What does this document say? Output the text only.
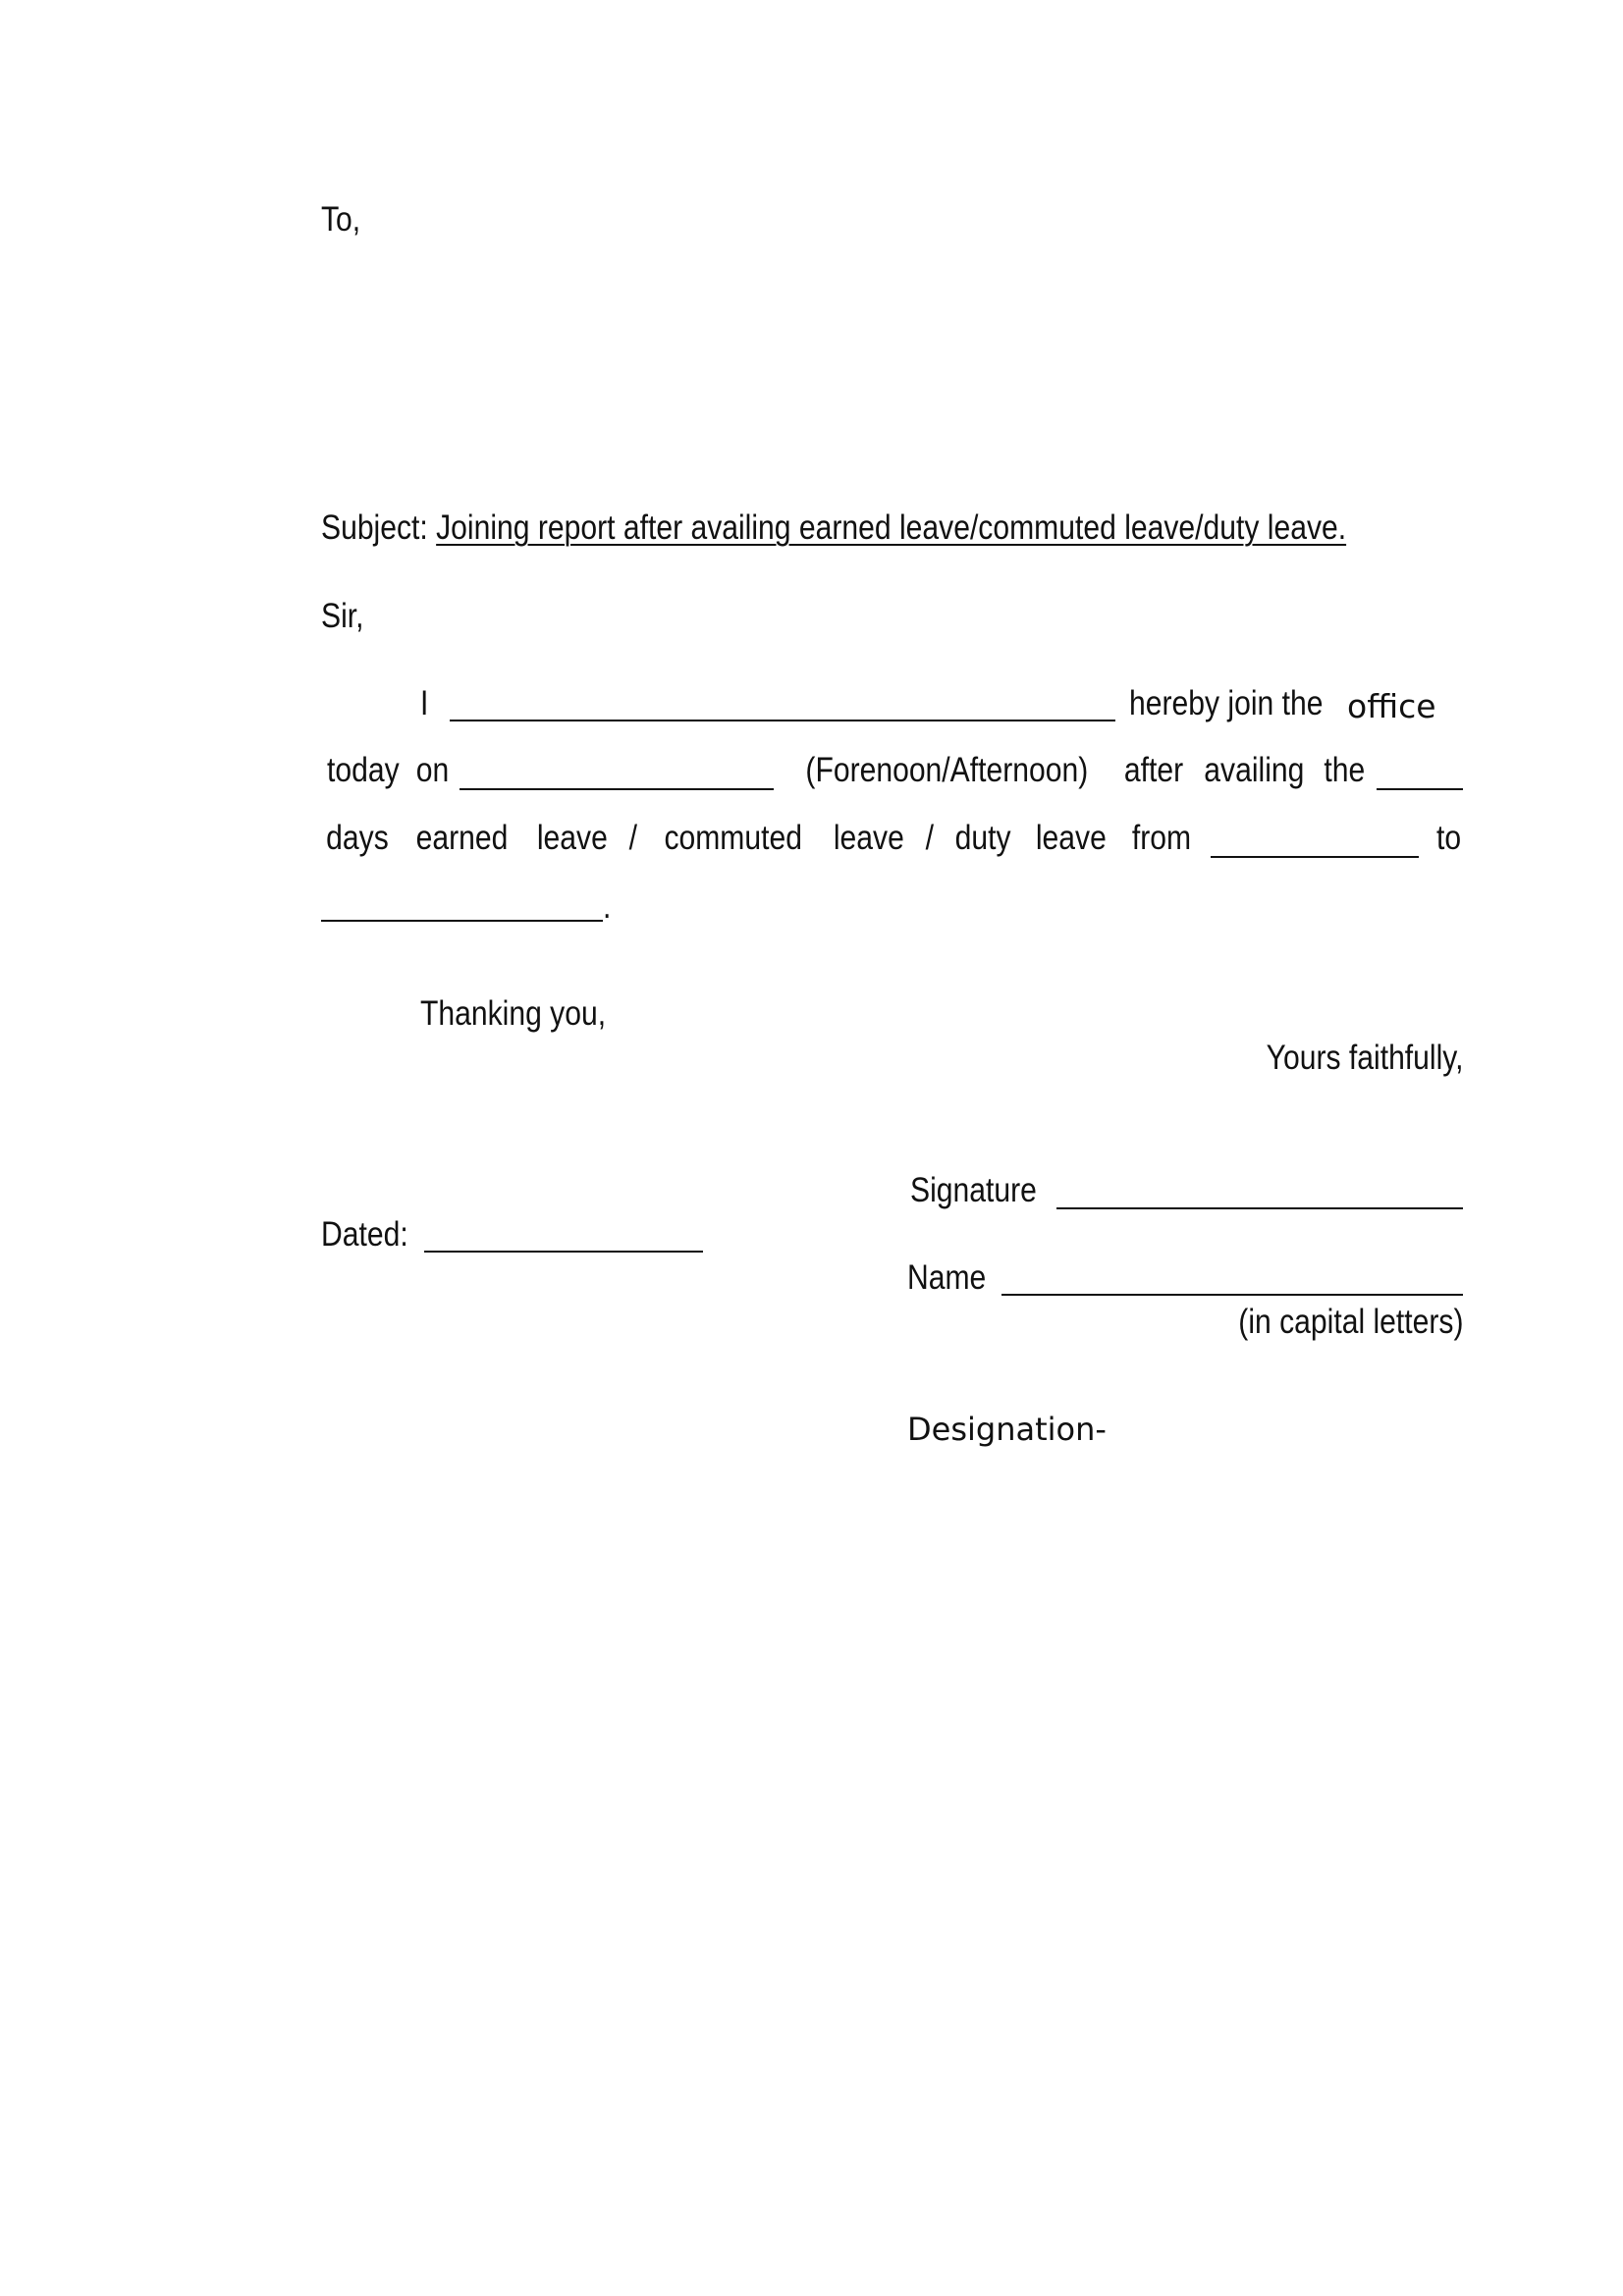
To,
Subject: Joining report after availing earned leave/commuted leave/duty leave.
Sir,
I	hereby join the office
today on	(Forenoon/Afternoon) after availing the
days earned leave / commuted leave / duty leave from	to
.
Thanking you,
Yours faithfully,
Signature
Dated:
Name
(in capital letters)
Designation-
